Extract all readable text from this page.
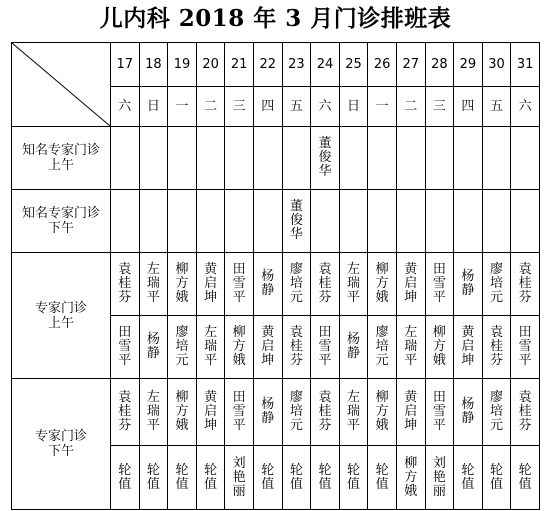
儿内科 2018 年 3 月门诊排班表
	17	18	19	20	21	22	23	24	25	26	27	28	29	30	31
	六	日	一	二	三	四	五	六	日	一	二	三	四	五	六

知名专家门诊
上午								董俊华							

知名专家门诊
下午							董俊华								

专家门诊
上午	袁桂芬	左瑞平	柳方娥	黄启坤	田雪平	杨静	廖培元	袁桂芬	左瑞平	柳方娥	黄启坤	田雪平	杨静	廖培元	袁桂芬
	田雪平	杨静	廖培元	左瑞平	柳方娥	黄启坤	袁桂芬	田雪平	杨静	廖培元	左瑞平	柳方娥	黄启坤	袁桂芬	田雪平

专家门诊
下午	袁桂芬	左瑞平	柳方娥	黄启坤	田雪平	杨静	廖培元	袁桂芬	左瑞平	柳方娥	黄启坤	田雪平	杨静	廖培元	袁桂芬
	轮值	轮值	轮值	轮值	刘艳丽	轮值	轮值	轮值	轮值	轮值	柳方娥	刘艳丽	轮值	轮值	轮值
